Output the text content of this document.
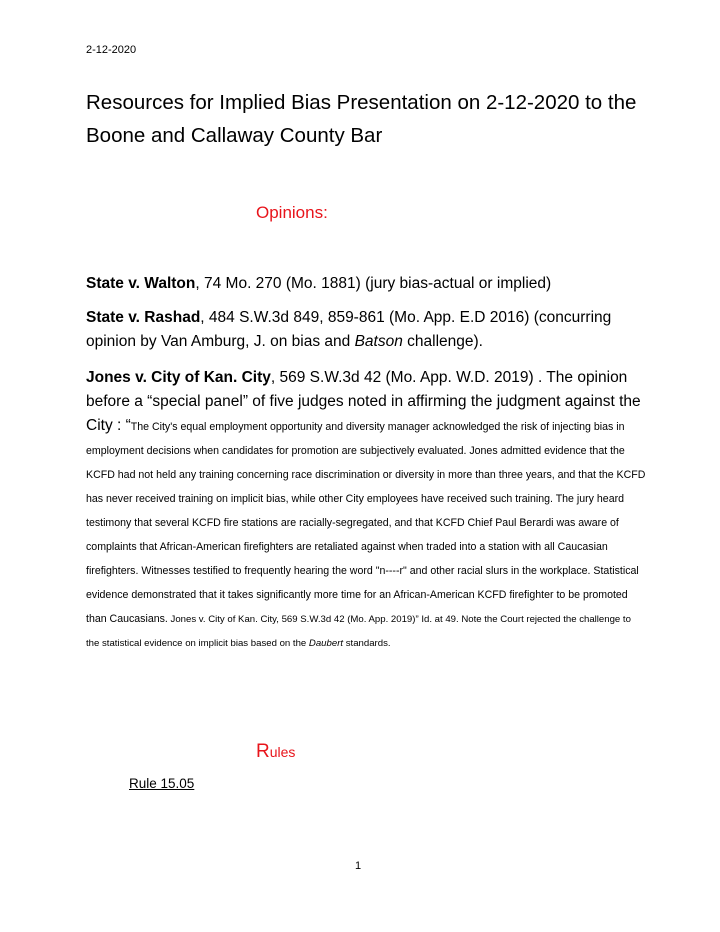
2-12-2020
Resources for Implied Bias Presentation on 2-12-2020 to the Boone and Callaway County Bar
Opinions:

State v. Walton, 74 Mo. 270 (Mo. 1881) (jury bias-actual or implied)

State v. Rashad, 484 S.W.3d 849, 859-861 (Mo. App. E.D 2016) (concurring opinion by Van Amburg, J. on bias and Batson challenge).

Jones v. City of Kan. City, 569 S.W.3d 42 (Mo. App. W.D. 2019) . The opinion before a “special panel” of five judges noted in affirming the judgment against the City : “The City's equal employment opportunity and diversity manager acknowledged the risk of injecting bias in employment decisions when candidates for promotion are subjectively evaluated. Jones admitted evidence that the KCFD had not held any training concerning race discrimination or diversity in more than three years, and that the KCFD has never received training on implicit bias, while other City employees have received such training. The jury heard testimony that several KCFD fire stations are racially-segregated, and that KCFD Chief Paul Berardi was aware of complaints that African-American firefighters are retaliated against when traded into a station with all Caucasian firefighters. Witnesses testified to frequently hearing the word "n----r" and other racial slurs in the workplace. Statistical evidence demonstrated that it takes significantly more time for an African-American KCFD firefighter to be promoted than Caucasians. Jones v. City of Kan. City, 569 S.W.3d 42 (Mo. App. 2019)” Id. at 49. Note the Court rejected the challenge to the statistical evidence on implicit bias based on the Daubert standards.

Rules
Rule 15.05
1
